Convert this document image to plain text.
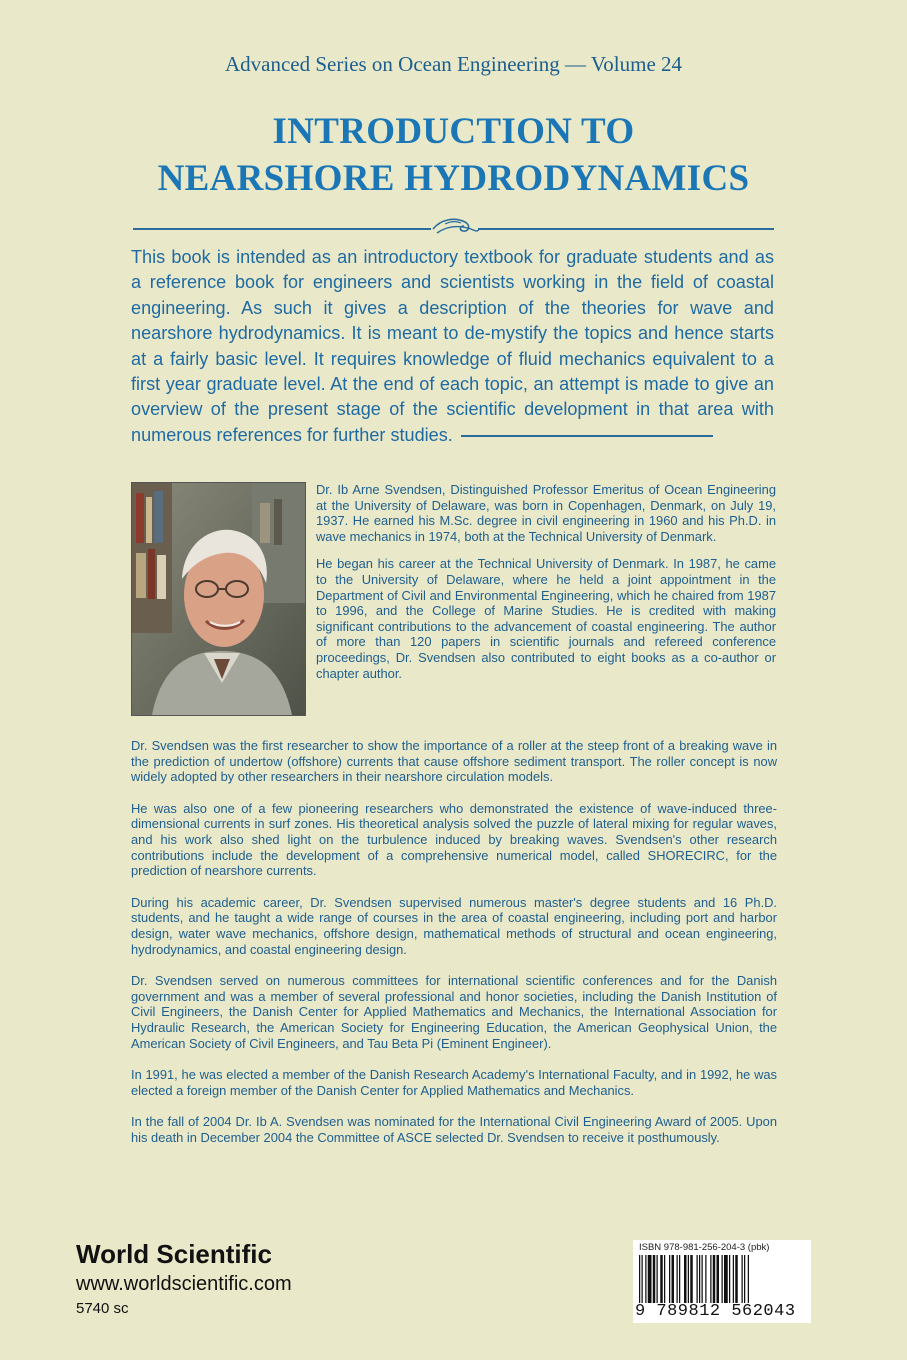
Advanced Series on Ocean Engineering — Volume 24
INTRODUCTION TO
NEARSHORE HYDRODYNAMICS
This book is intended as an introductory textbook for graduate students and as a reference book for engineers and scientists working in the field of coastal engineering. As such it gives a description of the theories for wave and nearshore hydrodynamics. It is meant to de-mystify the topics and hence starts at a fairly basic level. It requires knowledge of fluid mechanics equivalent to a first year graduate level. At the end of each topic, an attempt is made to give an overview of the present stage of the scientific development in that area with numerous references for further studies.

Dr. Ib Arne Svendsen, Distinguished Professor Emeritus of Ocean Engineering at the University of Delaware, was born in Copenhagen, Denmark, on July 19, 1937. He earned his M.Sc. degree in civil engineering in 1960 and his Ph.D. in wave mechanics in 1974, both at the Technical University of Denmark.

He began his career at the Technical University of Denmark. In 1987, he came to the University of Delaware, where he held a joint appointment in the Department of Civil and Environmental Engineering, which he chaired from 1987 to 1996, and the College of Marine Studies. He is credited with making significant contributions to the advancement of coastal engineering. The author of more than 120 papers in scientific journals and refereed conference proceedings, Dr. Svendsen also contributed to eight books as a co-author or chapter author.

Dr. Svendsen was the first researcher to show the importance of a roller at the steep front of a breaking wave in the prediction of undertow (offshore) currents that cause offshore sediment transport. The roller concept is now widely adopted by other researchers in their nearshore circulation models.

He was also one of a few pioneering researchers who demonstrated the existence of wave-induced three-dimensional currents in surf zones. His theoretical analysis solved the puzzle of lateral mixing for regular waves, and his work also shed light on the turbulence induced by breaking waves. Svendsen's other research contributions include the development of a comprehensive numerical model, called SHORECIRC, for the prediction of nearshore currents.

During his academic career, Dr. Svendsen supervised numerous master's degree students and 16 Ph.D. students, and he taught a wide range of courses in the area of coastal engineering, including port and harbor design, water wave mechanics, offshore design, mathematical methods of structural and ocean engineering, hydrodynamics, and coastal engineering design.

Dr. Svendsen served on numerous committees for international scientific conferences and for the Danish government and was a member of several professional and honor societies, including the Danish Institution of Civil Engineers, the Danish Center for Applied Mathematics and Mechanics, the International Association for Hydraulic Research, the American Society for Engineering Education, the American Geophysical Union, the American Society of Civil Engineers, and Tau Beta Pi (Eminent Engineer).

In 1991, he was elected a member of the Danish Research Academy's International Faculty, and in 1992, he was elected a foreign member of the Danish Center for Applied Mathematics and Mechanics.

In the fall of 2004 Dr. Ib A. Svendsen was nominated for the International Civil Engineering Award of 2005. Upon his death in December 2004 the Committee of ASCE selected Dr. Svendsen to receive it posthumously.

World Scientific
www.worldscientific.com
5740 sc
ISBN 978-981-256-204-3 (pbk)
9 789812 562043
